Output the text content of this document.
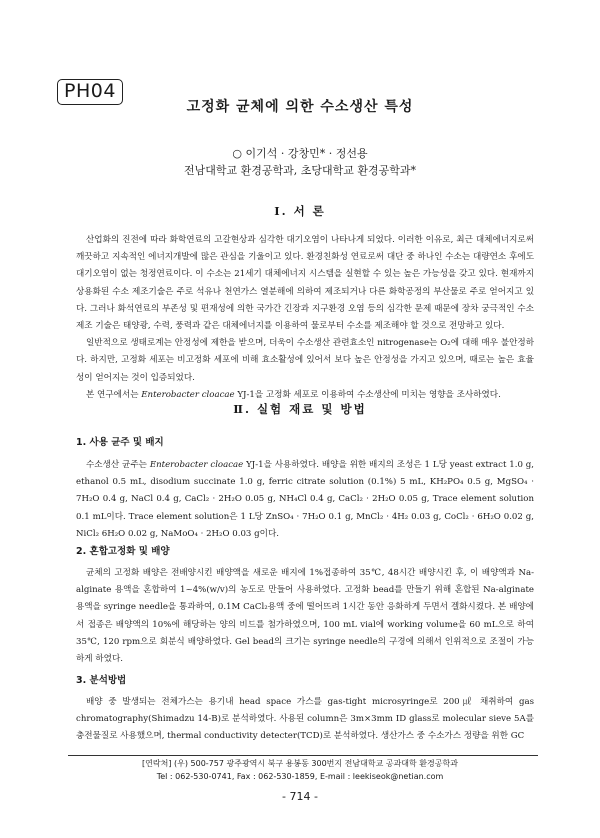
PH04
고정화 균체에 의한 수소생산 특성
○ 이기석 · 강창민* · 정선용
전남대학교 환경공학과, 초당대학교 환경공학과*
Ⅰ. 서 론

산업화의 진전에 따라 화학연료의 고갈현상과 심각한 대기오염이 나타나게 되었다. 이러한 이유로, 최근 대체에너지로써 깨끗하고 지속적인 에너지개발에 많은 관심을 기울이고 있다. 환경친화성 연료로써 대단 중 하나인 수소는 대량연소 후에도 대기오염이 없는 청정연료이다. 이 수소는 21세기 대체에너지 시스템을 실현할 수 있는 높은 가능성을 갖고 있다. 현재까지 상용화된 수소 제조기술은 주로 석유나 천연가스 열분해에 의하여 제조되거나 다른 화학공정의 부산물로 주로 얻어지고 있다. 그러나 화석연료의 부존성 및 편재성에 의한 국가간 긴장과 지구환경 오염 등의 심각한 문제 때문에 장차 궁극적인 수소제조 기술은 태양광, 수력, 풍력과 같은 대체에너지를 이용하여 물로부터 수소를 제조해야 할 것으로 전망하고 있다.

일반적으로 생태로계는 안정성에 제한을 받으며, 더욱이 수소생산 관련효소인 nitrogenase는 O₂에 대해 매우 불안정하다. 하지만, 고정화 세포는 비고정화 세포에 비해 효소활성에 있어서 보다 높은 안정성을 가지고 있으며, 때로는 높은 효율성이 얻어지는 것이 입증되었다.

본 연구에서는 Enterobacter cloacae YJ-1을 고정화 세포로 이용하여 수소생산에 미치는 영향을 조사하였다.

Ⅱ. 실험 재료 및 방법
1. 사용 균주 및 배지

수소생산 균주는 Enterobacter cloacae YJ-1을 사용하였다. 배양을 위한 배지의 조성은 1 L당 yeast extract 1.0 g, ethanol 0.5 mL, disodium succinate 1.0 g, ferric citrate solution (0.1%) 5 mL, KH₂PO₄ 0.5 g, MgSO₄ · 7H₂O 0.4 g, NaCl 0.4 g, CaCl₂ · 2H₂O 0.05 g, NH₄Cl 0.4 g, CaCl₂ · 2H₂O 0.05 g, Trace element solution 0.1 mL이다. Trace element solution은 1 L당 ZnSO₄ · 7H₂O 0.1 g, MnCl₂ · 4H₂ 0.03 g, CoCl₂ · 6H₂O 0.02 g, NiCl₂ 6H₂O 0.02 g, NaMoO₄ · 2H₂O 0.03 g이다.

2. 혼합고정화 및 배양

균체의 고정화 배양은 전배양시킨 배양액을 새로운 배지에 1%접종하여 35℃, 48시간 배양시킨 후, 이 배양액과 Na-alginate 용액을 혼합하여 1~4%(w/v)의 농도로 만들어 사용하였다. 고정화 bead를 만들기 위해 혼합된 Na-alginate 용액을 syringe needle을 통과하여, 0.1M CaCl₂용액 중에 떨어뜨려 1시간 동안 응화하게 두면서 겔화시켰다. 본 배양에서 접종은 배양액의 10%에 해당하는 양의 비드를 첨가하였으며, 100 mL vial에 working volume을 60 mL으로 하여 35℃, 120 rpm으로 회분식 배양하였다. Gel bead의 크기는 syringe needle의 구경에 의해서 인위적으로 조절이 가능하게 하였다.

3. 분석방법

배양 중 발생되는 전체가스는 용기내 head space 가스를 gas-tight microsyringe로 200㎕ 채취하여 gas chromatography(Shimadzu 14-B)로 분석하였다. 사용된 column은 3m×3mm ID glass로 molecular sieve 5A를 충전물질로 사용했으며, thermal conductivity detecter(TCD)로 분석하였다. 생산가스 중 수소가스 정량을 위한 GC

[연락처] (우) 500-757 광주광역시 북구 용봉동 300번지 전남대학교 공과대학 환경공학과
Tel : 062-530-0741, Fax : 062-530-1859, E-mail : leekiseok@netian.com
- 714 -
